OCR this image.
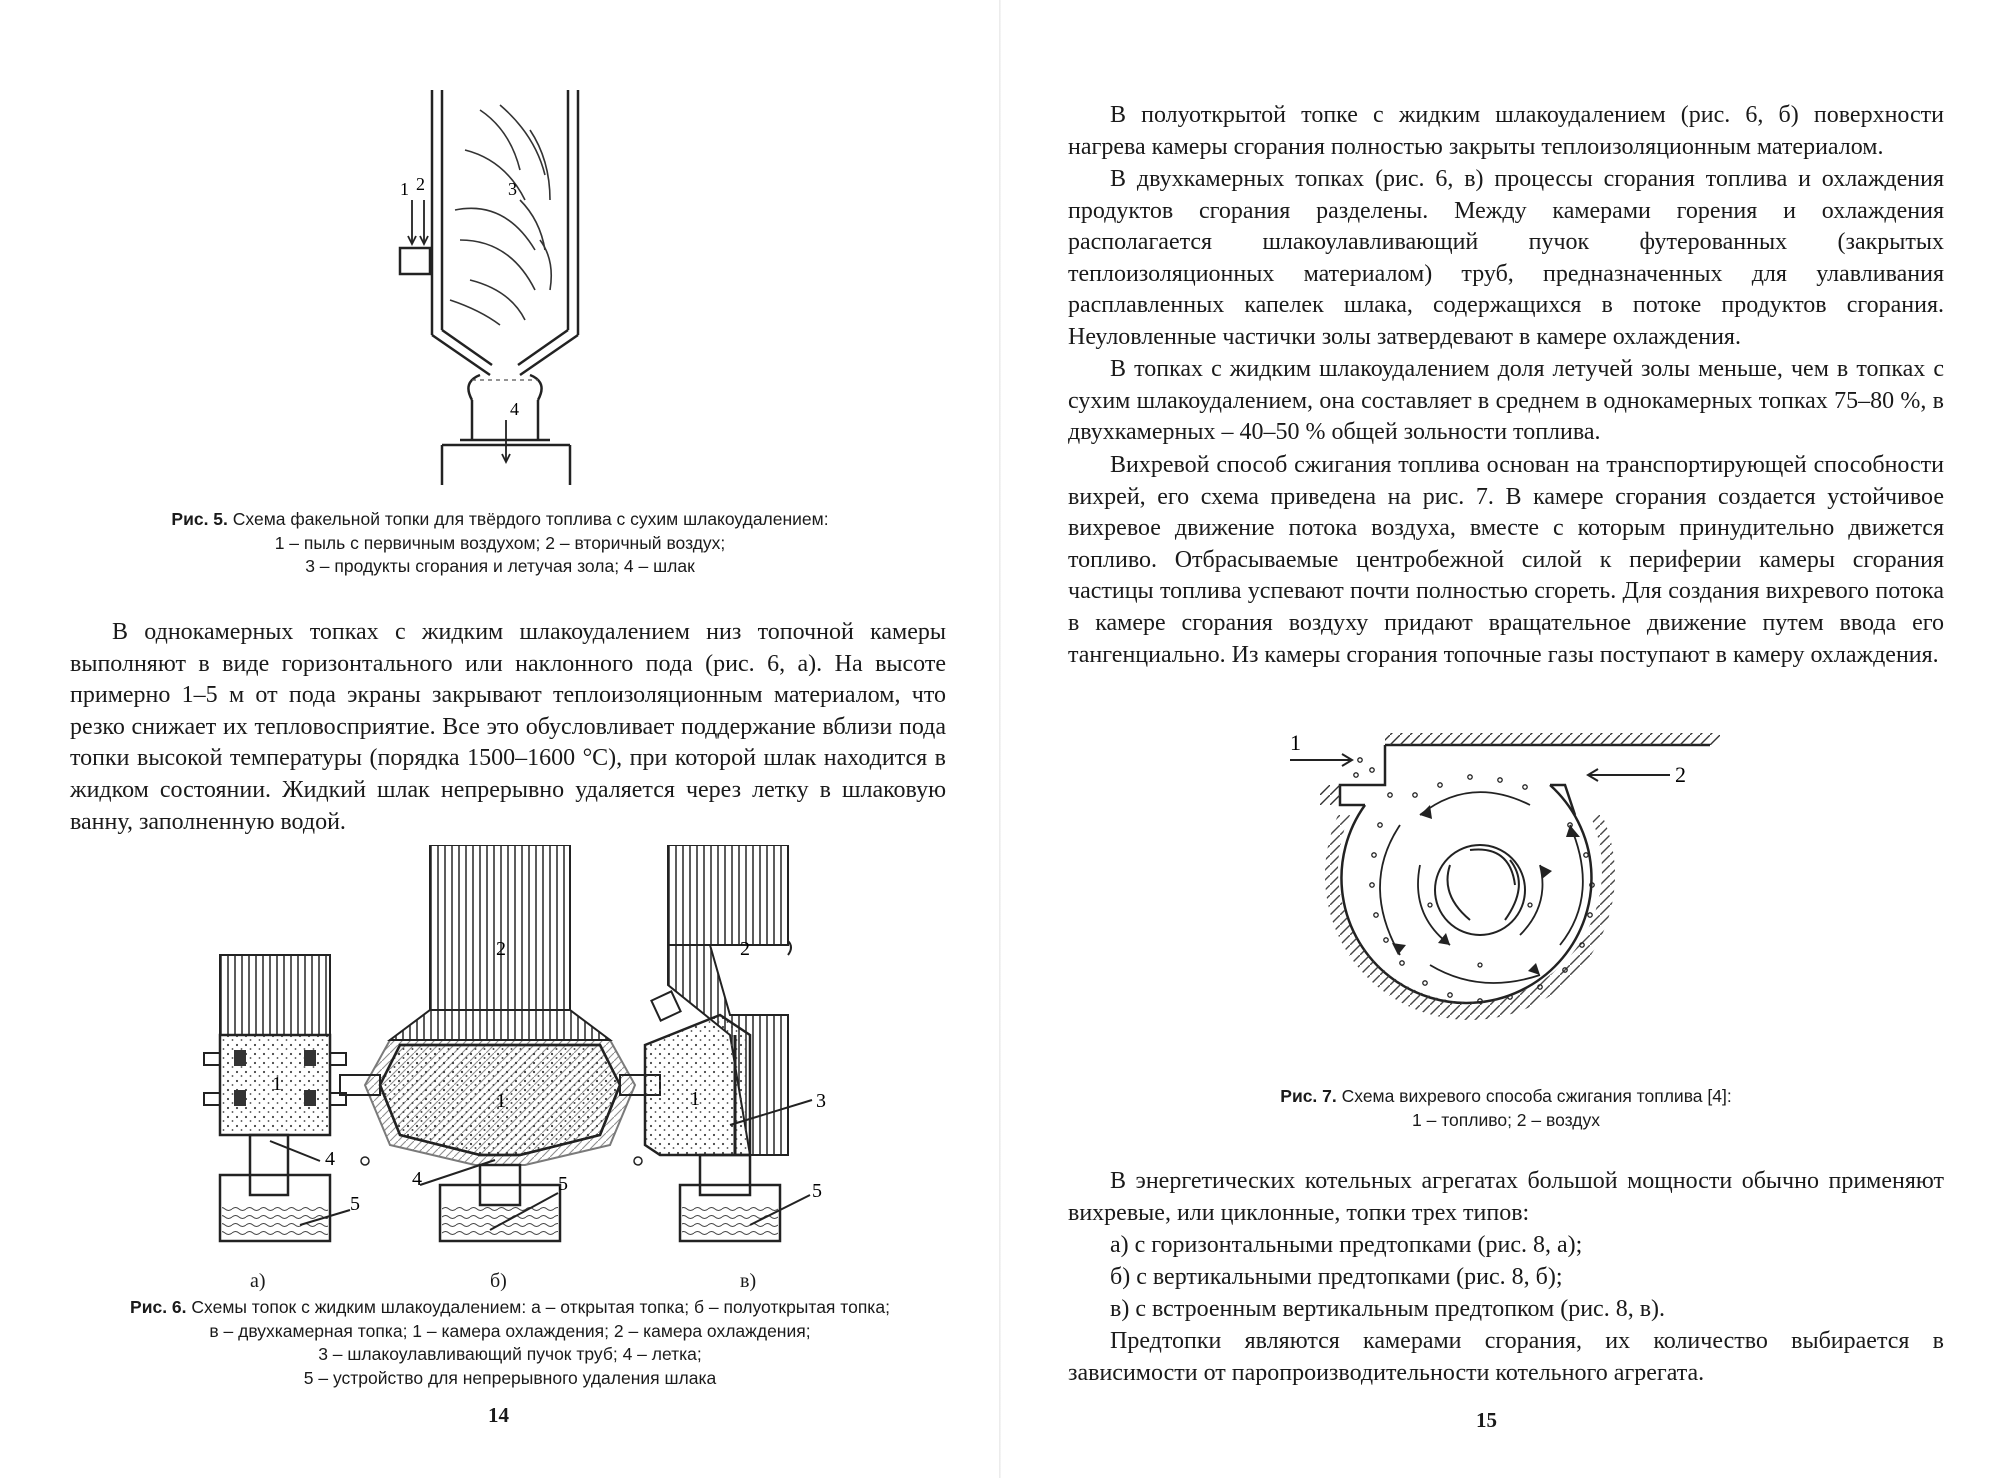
1 2	3
4

Рис. 5. Схема факельной топки для твёрдого топлива с сухим шлакоудалением:
1 – пыль с первичным воздухом; 2 – вторичный воздух;
3 – продукты сгорания и летучая зола; 4 – шлак

В однокамерных топках с жидким шлакоудалением низ топочной камеры выполняют в виде горизонтального или наклонного пода (рис. 6, а). На высоте примерно 1–5 м от пода экраны закрывают теплоизоляционным материалом, что резко снижает их тепловосприятие. Все это обусловливает поддержание вблизи пода топки высокой температуры (порядка 1500–1600 °С), при которой шлак находится в жидком состоянии. Жидкий шлак непрерывно удаляется через летку в шлаковую ванну, заполненную водой.

1
1	1
2	2
3
4
4
5
5	5
а)	б)	в)

Рис. 6. Схемы топок с жидким шлакоудалением: а – открытая топка; б – полуоткрытая топка;
в – двухкамерная топка; 1 – камера охлаждения; 2 – камера охлаждения;
3 – шлакоулавливающий пучок труб; 4 – летка;
5 – устройство для непрерывного удаления шлака

14

В полуоткрытой топке с жидким шлакоудалением (рис. 6, б) поверхности нагрева камеры сгорания полностью закрыты теплоизоляционным материалом.

В двухкамерных топках (рис. 6, в) процессы сгорания топлива и охлаждения продуктов сгорания разделены. Между камерами горения и охлаждения располагается шлакоулавливающий пучок футерованных (закрытых теплоизоляционных материалом) труб, предназначенных для улавливания расплавленных капелек шлака, содержащихся в потоке продуктов сгорания. Неуловленные частички золы затвердевают в камере охлаждения.

В топках с жидким шлакоудалением доля летучей золы меньше, чем в топках с сухим шлакоудалением, она составляет в среднем в однокамерных топках 75–80 %, в двухкамерных – 40–50 % общей зольности топлива.

Вихревой способ сжигания топлива основан на транспортирующей способности вихрей, его схема приведена на рис. 7. В камере сгорания создается устойчивое вихревое движение потока воздуха, вместе с которым принудительно движется топливо. Отбрасываемые центробежной силой к периферии камеры сгорания частицы топлива успевают почти полностью сгореть. Для создания вихревого потока в камере сгорания воздуху придают вращательное движение путем ввода его тангенциально. Из камеры сгорания топочные газы поступают в камеру охлаждения.

1
2

Рис. 7. Схема вихревого способа сжигания топлива [4]:
1 – топливо; 2 – воздух

В энергетических котельных агрегатах большой мощности обычно применяют вихревые, или циклонные, топки трех типов:

а) с горизонтальными предтопками (рис. 8, а);

б) с вертикальными предтопками (рис. 8, б);

в) с встроенным вертикальным предтопком (рис. 8, в).

Предтопки являются камерами сгорания, их количество выбирается в зависимости от паропроизводительности котельного агрегата.

15
